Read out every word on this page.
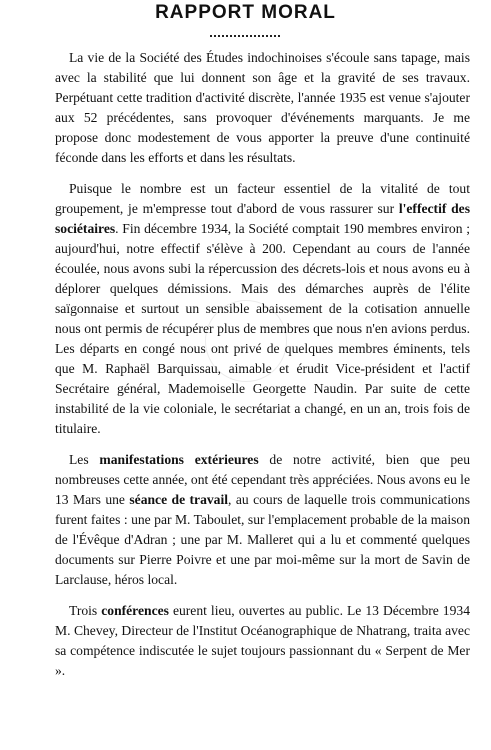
RAPPORT MORAL

La vie de la Société des Études indochinoises s'écoule sans tapage, mais avec la stabilité que lui donnent son âge et la gravité de ses travaux. Perpétuant cette tradition d'activité discrète, l'année 1935 est venue s'ajouter aux 52 précédentes, sans provoquer d'événements marquants. Je me propose donc modestement de vous apporter la preuve d'une continuité féconde dans les efforts et dans les résultats.

Puisque le nombre est un facteur essentiel de la vitalité de tout groupement, je m'empresse tout d'abord de vous rassurer sur l'effectif des sociétaires. Fin décembre 1934, la Société comptait 190 membres environ ; aujourd'hui, notre effectif s'élève à 200. Cependant au cours de l'année écoulée, nous avons subi la répercussion des décrets-lois et nous avons eu à déplorer quelques démissions. Mais des démarches auprès de l'élite saïgonnaise et surtout un sensible abaissement de la cotisation annuelle nous ont permis de récupérer plus de membres que nous n'en avions perdus. Les départs en congé nous ont privé de quelques membres éminents, tels que M. Raphaël Barquissau, aimable et érudit Vice-président et l'actif Secrétaire général, Mademoiselle Georgette Naudin. Par suite de cette instabilité de la vie coloniale, le secrétariat a changé, en un an, trois fois de titulaire.

Les manifestations extérieures de notre activité, bien que peu nombreuses cette année, ont été cependant très appréciées. Nous avons eu le 13 Mars une séance de travail, au cours de laquelle trois communications furent faites : une par M. Taboulet, sur l'emplacement probable de la maison de l'Évêque d'Adran ; une par M. Malleret qui a lu et commenté quelques documents sur Pierre Poivre et une par moi-même sur la mort de Savin de Larclause, héros local.

Trois conférences eurent lieu, ouvertes au public. Le 13 Décembre 1934 M. Chevey, Directeur de l'Institut Océanographique de Nhatrang, traita avec sa compétence indiscutée le sujet toujours passionnant du « Serpent de Mer ».
